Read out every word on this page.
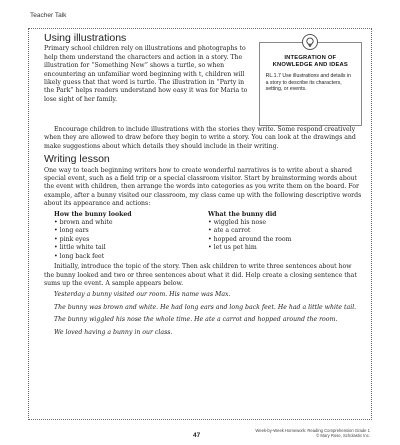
Teacher Talk
Using illustrations

Primary school children rely on illustrations and photographs to help them understand the characters and action in a story. The illustration for “Something New” shows a turtle, so when encountering an unfamiliar word beginning with t, children will likely guess that that word is turtle. The illustration in “Party in the Park” helps readers understand how easy it was for Maria to lose sight of her family.

INTEGRATION OF
KNOWLEDGE AND IDEAS
RL.1.7 Use illustrations and details in a story to describe its characters, setting, or events.

Encourage children to include illustrations with the stories they write. Some respond creatively when they are allowed to draw before they begin to write a story. You can look at the drawings and make suggestions about which details they should include in their writing.

Writing lesson

One way to teach beginning writers how to create wonderful narratives is to write about a shared special event, such as a field trip or a special classroom visitor. Start by brainstorming words about the event with children, then arrange the words into categories as you write them on the board. For example, after a bunny visited our classroom, my class came up with the following descriptive words about its appearance and actions:

How the bunny looked
• brown and white
• long ears
• pink eyes
• little white tail
• long back feet
What the bunny did
• wiggled his nose
• ate a carrot
• hopped around the room
• let us pet him

Initially, introduce the topic of the story. Then ask children to write three sentences about how the bunny looked and two or three sentences about what it did. Help create a closing sentence that sums up the event. A sample appears below.

Yesterday a bunny visited our room. His name was Max.

The bunny was brown and white. He had long ears and long back feet. He had a little white tail.

The bunny wiggled his nose the whole time. He ate a carrot and hopped around the room.

We loved having a bunny in our class.

47
Week-by-Week Homework: Reading Comprehension Grade 1
© Mary Rose, Scholastic Inc.
